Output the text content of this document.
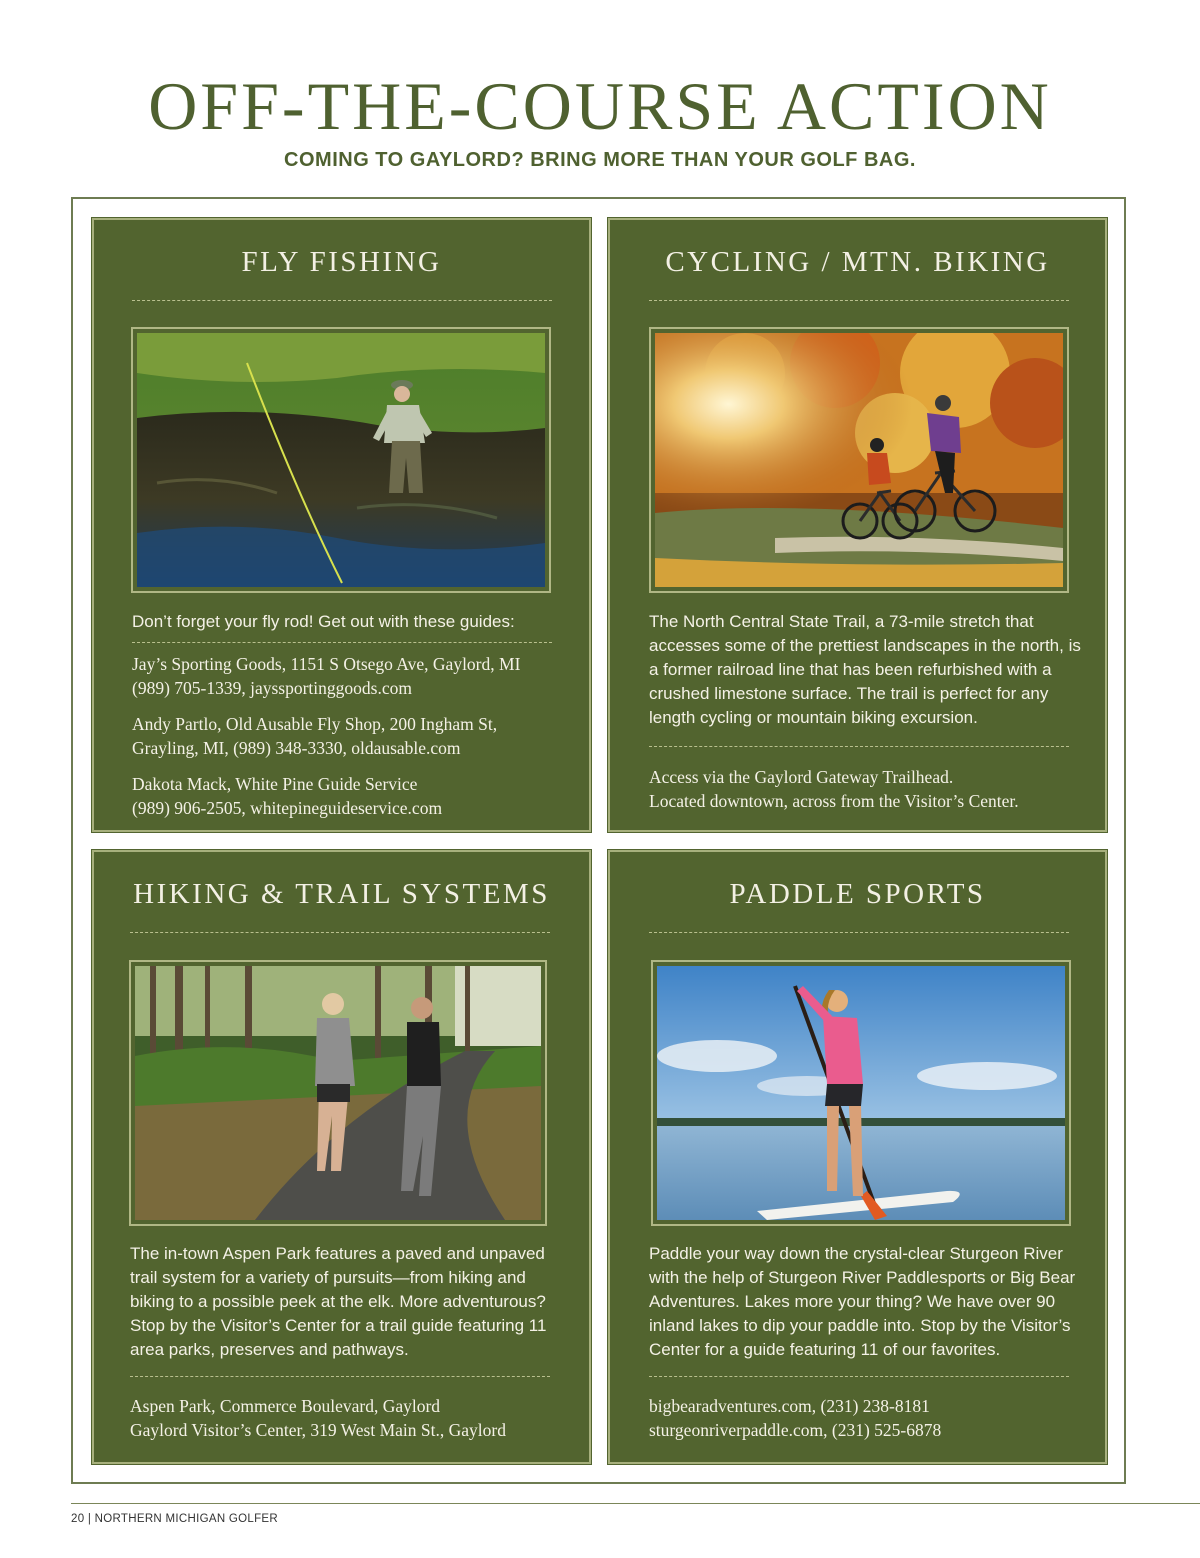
OFF-THE-COURSE ACTION

COMING TO GAYLORD? BRING MORE THAN YOUR GOLF BAG.

FLY FISHING

Don’t forget your fly rod! Get out with these guides:

Jay’s Sporting Goods, 1151 S Otsego Ave, Gaylord, MI
(989) 705-1339, jayssportinggoods.com

Andy Partlo, Old Ausable Fly Shop, 200 Ingham St,
Grayling, MI, (989) 348-3330, oldausable.com

Dakota Mack, White Pine Guide Service
(989) 906-2505, whitepineguideservice.com

CYCLING / MTN. BIKING

The North Central State Trail, a 73-mile stretch that accesses some of the prettiest landscapes in the north, is a former railroad line that has been refurbished with a crushed limestone surface. The trail is perfect for any length cycling or mountain biking excursion.

Access via the Gaylord Gateway Trailhead.
Located downtown, across from the Visitor’s Center.
HIKING & TRAIL SYSTEMS

The in-town Aspen Park features a paved and unpaved trail system for a variety of pursuits—from hiking and biking to a possible peek at the elk. More adventurous? Stop by the Visitor’s Center for a trail guide featuring 11 area parks, preserves and pathways.

Aspen Park, Commerce Boulevard, Gaylord
Gaylord Visitor’s Center, 319 West Main St., Gaylord
PADDLE SPORTS

Paddle your way down the crystal-clear Sturgeon River with the help of Sturgeon River Paddlesports or Big Bear Adventures. Lakes more your thing? We have over 90 inland lakes to dip your paddle into. Stop by the Visitor’s Center for a guide featuring 11 of our favorites.

bigbearadventures.com, (231) 238-8181
sturgeonriverpaddle.com, (231) 525-6878

20 | NORTHERN MICHIGAN GOLFER
